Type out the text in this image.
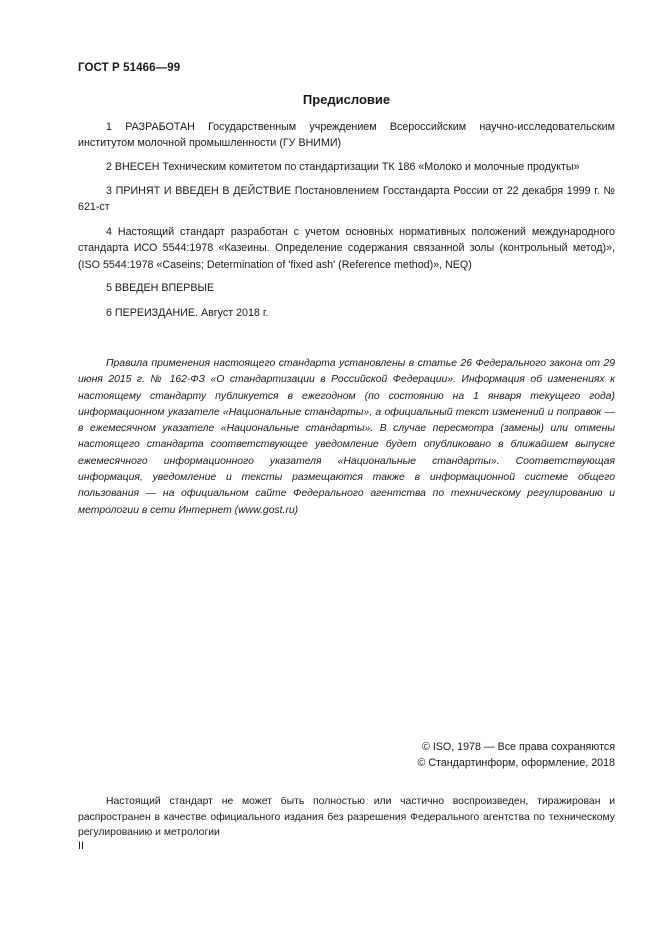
ГОСТ Р 51466—99
Предисловие
1 РАЗРАБОТАН Государственным учреждением Всероссийским научно-исследовательским институтом молочной промышленности (ГУ ВНИМИ)
2 ВНЕСЕН Техническим комитетом по стандартизации ТК 186 «Молоко и молочные продукты»
3 ПРИНЯТ И ВВЕДЕН В ДЕЙСТВИЕ Постановлением Госстандарта России от 22 декабря 1999 г. № 621-ст
4 Настоящий стандарт разработан с учетом основных нормативных положений международного стандарта ИСО 5544:1978 «Казеины. Определение содержания связанной золы (контрольный метод)», (ISO 5544:1978 «Caseins; Determination of 'fixed ash' (Reference method)», NEQ)
5 ВВЕДЕН ВПЕРВЫЕ
6 ПЕРЕИЗДАНИЕ. Август 2018 г.
Правила применения настоящего стандарта установлены в статье 26 Федерального закона от 29 июня 2015 г. № 162-ФЗ «О стандартизации в Российской Федерации». Информация об изменениях к настоящему стандарту публикуется в ежегодном (по состоянию на 1 января текущего года) информационном указателе «Национальные стандарты», а официальный текст изменений и поправок — в ежемесячном указателе «Национальные стандарты». В случае пересмотра (замены) или отмены настоящего стандарта соответствующее уведомление будет опубликовано в ближайшем выпуске ежемесячного информационного указателя «Национальные стандарты». Соответствующая информация, уведомление и тексты размещаются также в информационной системе общего пользования — на официальном сайте Федерального агентства по техническому регулированию и метрологии в сети Интернет (www.gost.ru)
© ISO, 1978 — Все права сохраняются
© Стандартинформ, оформление, 2018
Настоящий стандарт не может быть полностью или частично воспроизведен, тиражирован и распространен в качестве официального издания без разрешения Федерального агентства по техническому регулированию и метрологии
II
